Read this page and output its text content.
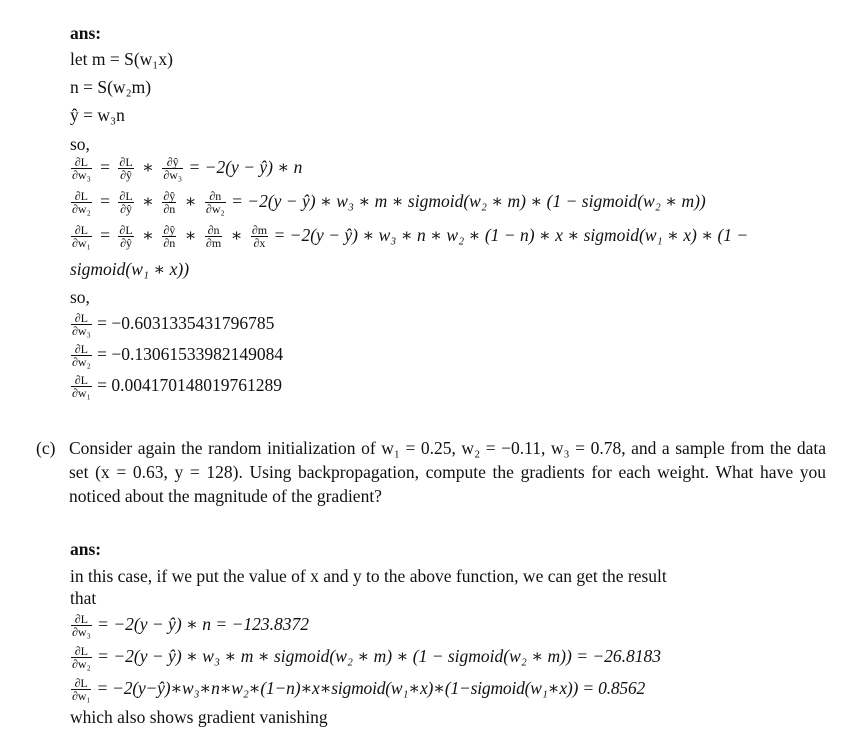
ans:
let m = S(w₁x)
n = S(w₂m)
ŷ = w₃n
so,
$\frac{\partial L}{\text{∂w₃}} = \frac{\partial L}{\partial ŷ}$ ∗ $\frac{\partial ŷ}{\text{∂w₃}} = -2(y$ − ŷ) ∗ n
$\frac{\partial L}{\text{∂w₂}} = \frac{\partial L}{\partial ŷ}$ ∗ $\frac{\partial ŷ}{\partial n}$ ∗ $\frac{\partial n}{\text{∂w₂}} = -2(y$ − ŷ) ∗ w₃ ∗ m ∗ sigmoid(w₂ ∗ m) ∗ (1 − sigmoid(w₂ ∗ m))
$\frac{\partial L}{\text{∂w₁}} = \frac{\partial L}{\partial ŷ}$ ∗ $\frac{\partial ŷ}{\partial n}$ ∗ $\frac{\partial n}{\partial m}$ ∗ $\frac{\partial m}{\partial x} = -2(y$ − ŷ) ∗ w₃ ∗ n ∗ w₂ ∗ (1 − n) ∗ x ∗ sigmoid(w₁ ∗ x) ∗ (1 −
sigmoid(w₁ ∗ x))
so,
$\frac{\partial L}{\text{∂w₃}} = -0.6031335431796785$
$\frac{\partial L}{\text{∂w₂}} = -0.13061533982149084$
$\frac{\partial L}{\text{∂w₁}} = 0.004170148019761289$
(c) Consider again the random initialization of w₁ = 0.25, w₂ = −0.11, w₃ = 0.78, and a sample from the data set (x = 0.63, y = 128). Using backpropagation, compute the gradients for each weight. What have you noticed about the magnitude of the gradient?
ans:
in this case, if we put the value of x and y to the above function, we can get the result
that
$\frac{\partial L}{\text{∂w₃}} = -2(y$ − ŷ) ∗ n = −123.8372
$\frac{\partial L}{\text{∂w₂}} = -2(y$ − ŷ) ∗ w₃ ∗ m ∗ sigmoid(w₂ ∗ m) ∗ (1 − sigmoid(w₂ ∗ m)) = −26.8183
$\frac{\partial L}{\text{∂w₁}}$ = −2(y−ŷ)∗w₃∗n∗w₂∗(1−n)∗x∗sigmoid(w₁∗x)∗(1−sigmoid(w₁∗x)) = 0.8562
which also shows gradient vanishing
